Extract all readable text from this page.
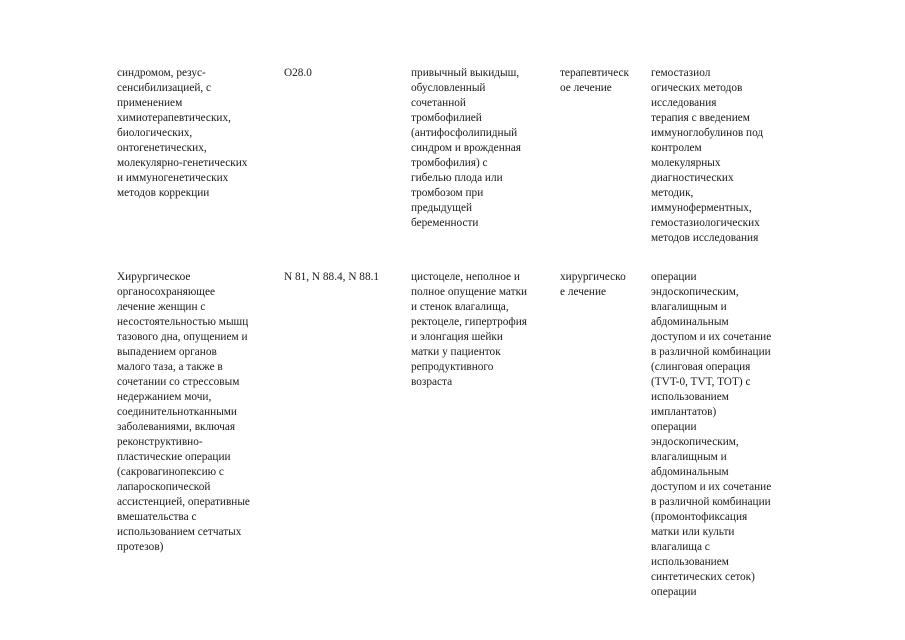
синдромом, резус-
сенсибилизацией, с
применением
химиотерапевтических,
биологических,
онтогенетических,
молекулярно-генетических
и иммуногенетических
методов коррекции

O28.0	привычный выкидыш,
обусловленный
сочетанной
тромбофилией
(антифосфолипидный
синдром и врожденная
тромбофилия) с
гибелью плода или
тромбозом при
предыдущей
беременности

терапевтическ
ое лечение

гемостазиол
огических методов
исследования
терапия с введением
иммуноглобулинов под
контролем
молекулярных
диагностических
методик,
иммуноферментных,
гемостазиологических
методов исследования

Хирургическое
органосохраняющее
лечение женщин с
несостоятельностью мышц
тазового дна, опущением и
выпадением органов
малого таза, а также в
сочетании со стрессовым
недержанием мочи,
соединительнотканными
заболеваниями, включая
реконструктивно-
пластические операции
(сакровагинопексию с
лапароскопической
ассистенцией, оперативные
вмешательства с
использованием сетчатых
протезов)

N 81, N 88.4, N 88.1	цистоцеле, неполное и
полное опущение матки
и стенок влагалища,
ректоцеле, гипертрофия
и элонгация шейки
матки у пациенток
репродуктивного
возраста

хирургическо
е лечение

операции
эндоскопическим,
влагалищным и
абдоминальным
доступом и их сочетание
в различной комбинации
(слинговая операция
(TVT-0, TVT, TOT) с
использованием
имплантатов)
операции
эндоскопическим,
влагалищным и
абдоминальным
доступом и их сочетание
в различной комбинации
(промонтофиксация
матки или культи
влагалища с
использованием
синтетических сеток)
операции
